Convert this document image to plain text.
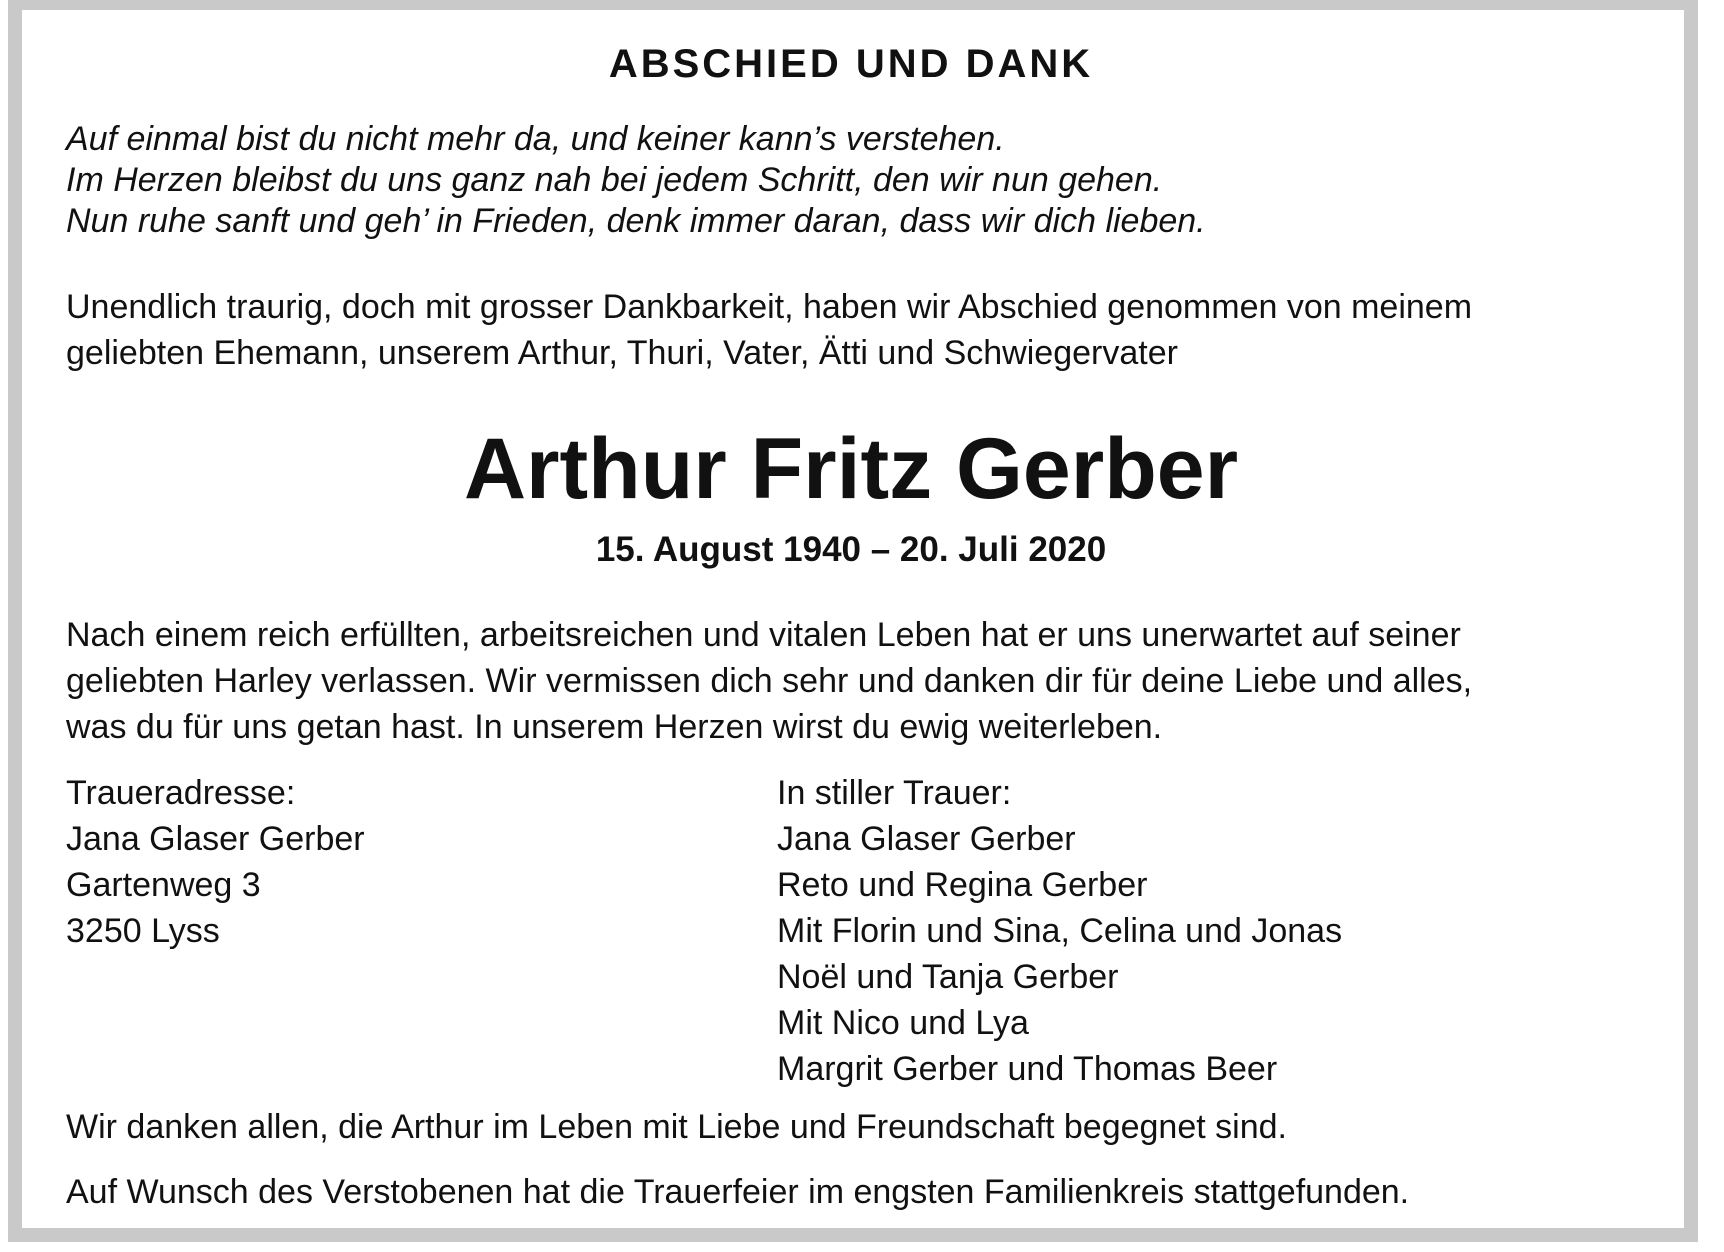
ABSCHIED UND DANK
Auf einmal bist du nicht mehr da, und keiner kann’s verstehen.
Im Herzen bleibst du uns ganz nah bei jedem Schritt, den wir nun gehen.
Nun ruhe sanft und geh’ in Frieden, denk immer daran, dass wir dich lieben.
Unendlich traurig, doch mit grosser Dankbarkeit, haben wir Abschied genommen von meinem
geliebten Ehemann, unserem Arthur, Thuri, Vater, Ätti und Schwiegervater
Arthur Fritz Gerber
15. August 1940 – 20. Juli 2020
Nach einem reich erfüllten, arbeitsreichen und vitalen Leben hat er uns unerwartet auf seiner
geliebten Harley verlassen. Wir vermissen dich sehr und danken dir für deine Liebe und alles,
was du für uns getan hast. In unserem Herzen wirst du ewig weiterleben.
Traueradresse:
Jana Glaser Gerber
Gartenweg 3
3250 Lyss
In stiller Trauer:
Jana Glaser Gerber
Reto und Regina Gerber
Mit Florin und Sina, Celina und Jonas
Noël und Tanja Gerber
Mit Nico und Lya
Margrit Gerber und Thomas Beer
Wir danken allen, die Arthur im Leben mit Liebe und Freundschaft begegnet sind.
Auf Wunsch des Verstobenen hat die Trauerfeier im engsten Familienkreis stattgefunden.
